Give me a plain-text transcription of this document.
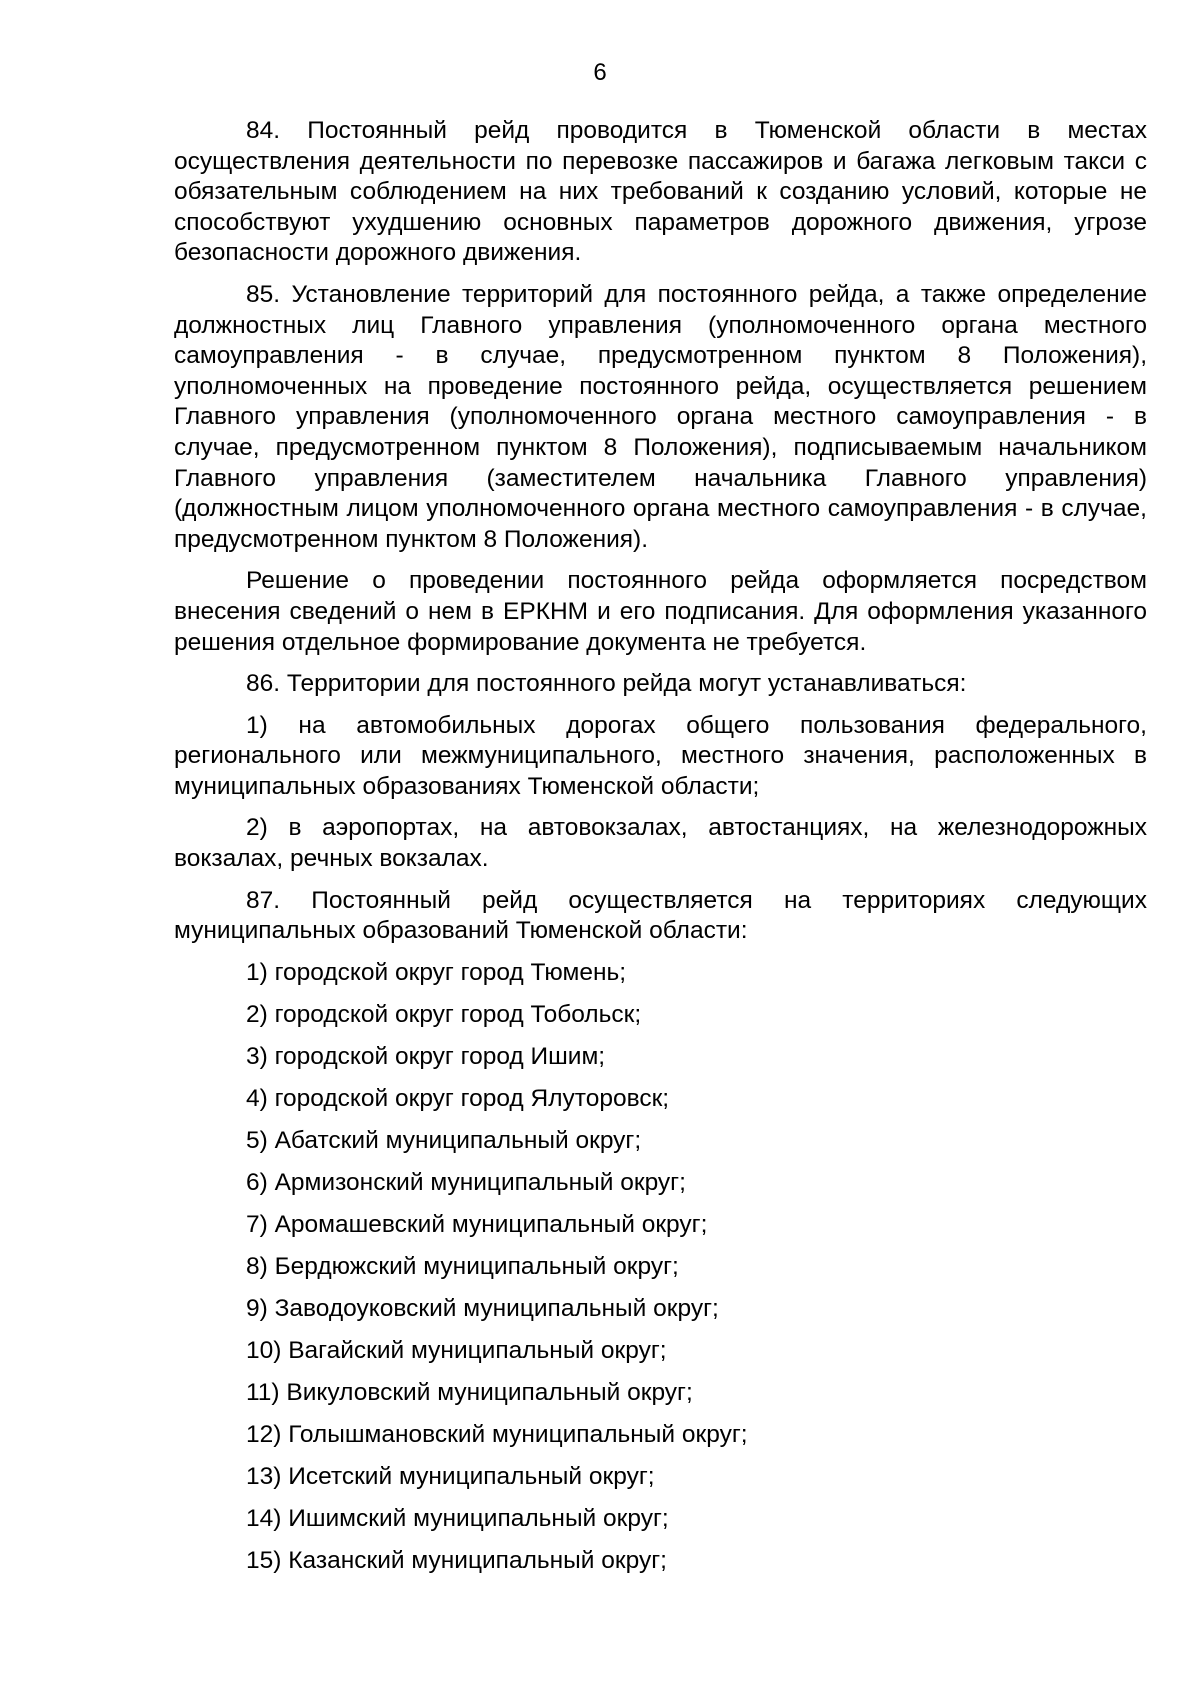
6

84. Постоянный рейд проводится в Тюменской области в местах осуществления деятельности по перевозке пассажиров и багажа легковым такси с обязательным соблюдением на них требований к созданию условий, которые не способствуют ухудшению основных параметров дорожного движения, угрозе безопасности дорожного движения.

85. Установление территорий для постоянного рейда, а также определение должностных лиц Главного управления (уполномоченного органа местного самоуправления - в случае, предусмотренном пунктом 8 Положения), уполномоченных на проведение постоянного рейда, осуществляется решением Главного управления (уполномоченного органа местного самоуправления - в случае, предусмотренном пунктом 8 Положения), подписываемым начальником Главного управления (заместителем начальника Главного управления) (должностным лицом уполномоченного органа местного самоуправления - в случае, предусмотренном пунктом 8 Положения).

Решение о проведении постоянного рейда оформляется посредством внесения сведений о нем в ЕРКНМ и его подписания. Для оформления указанного решения отдельное формирование документа не требуется.

86. Территории для постоянного рейда могут устанавливаться:

1) на автомобильных дорогах общего пользования федерального, регионального или межмуниципального, местного значения, расположенных в муниципальных образованиях Тюменской области;

2) в аэропортах, на автовокзалах, автостанциях, на железнодорожных вокзалах, речных вокзалах.

87. Постоянный рейд осуществляется на территориях следующих муниципальных образований Тюменской области:

1) городской округ город Тюмень;
2) городской округ город Тобольск;
3) городской округ город Ишим;
4) городской округ город Ялуторовск;
5) Абатский муниципальный округ;
6) Армизонский муниципальный округ;
7) Аромашевский муниципальный округ;
8) Бердюжский муниципальный округ;
9) Заводоуковский муниципальный округ;
10) Вагайский муниципальный округ;
11) Викуловский муниципальный округ;
12) Голышмановский муниципальный округ;
13) Исетский муниципальный округ;
14) Ишимский муниципальный округ;
15) Казанский муниципальный округ;
